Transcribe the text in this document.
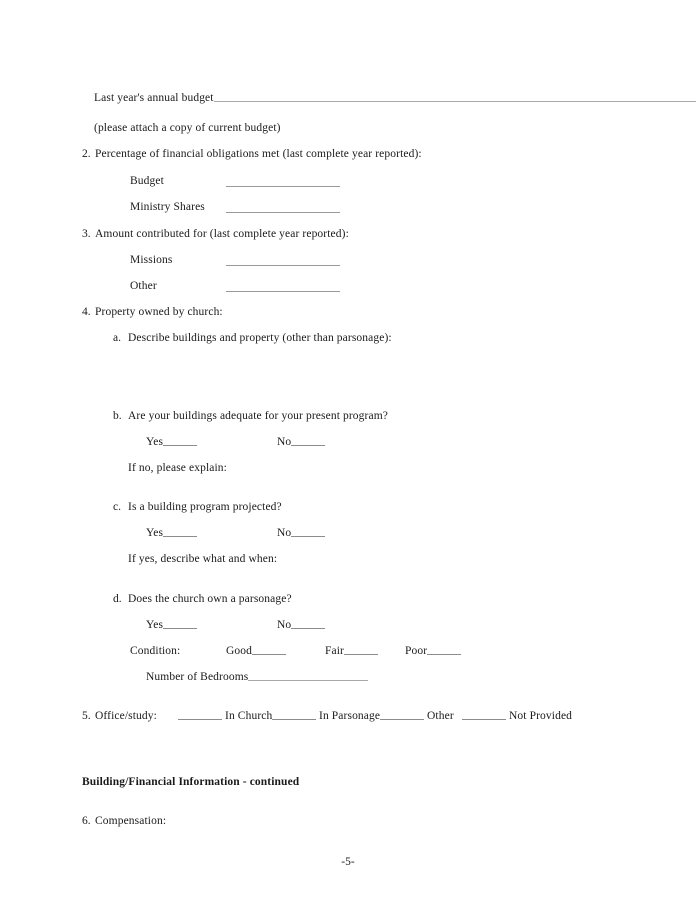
Last year's annual budget
(please attach a copy of current budget)
2. Percentage of financial obligations met (last complete year reported):
Budget
Ministry Shares
3. Amount contributed for (last complete year reported):
Missions
Other
4. Property owned by church:
a. Describe buildings and property (other than parsonage):
b. Are your buildings adequate for your present program?
Yes	No
If no, please explain:
c. Is a building program projected?
Yes	No
If yes, describe what and when:
d. Does the church own a parsonage?
Yes	No
Condition:	Good	Fair	Poor
Number of Bedrooms
5. Office/study:	In Church	In Parsonage	Other	Not Provided
Building/Financial Information - continued
6. Compensation:
-5-
